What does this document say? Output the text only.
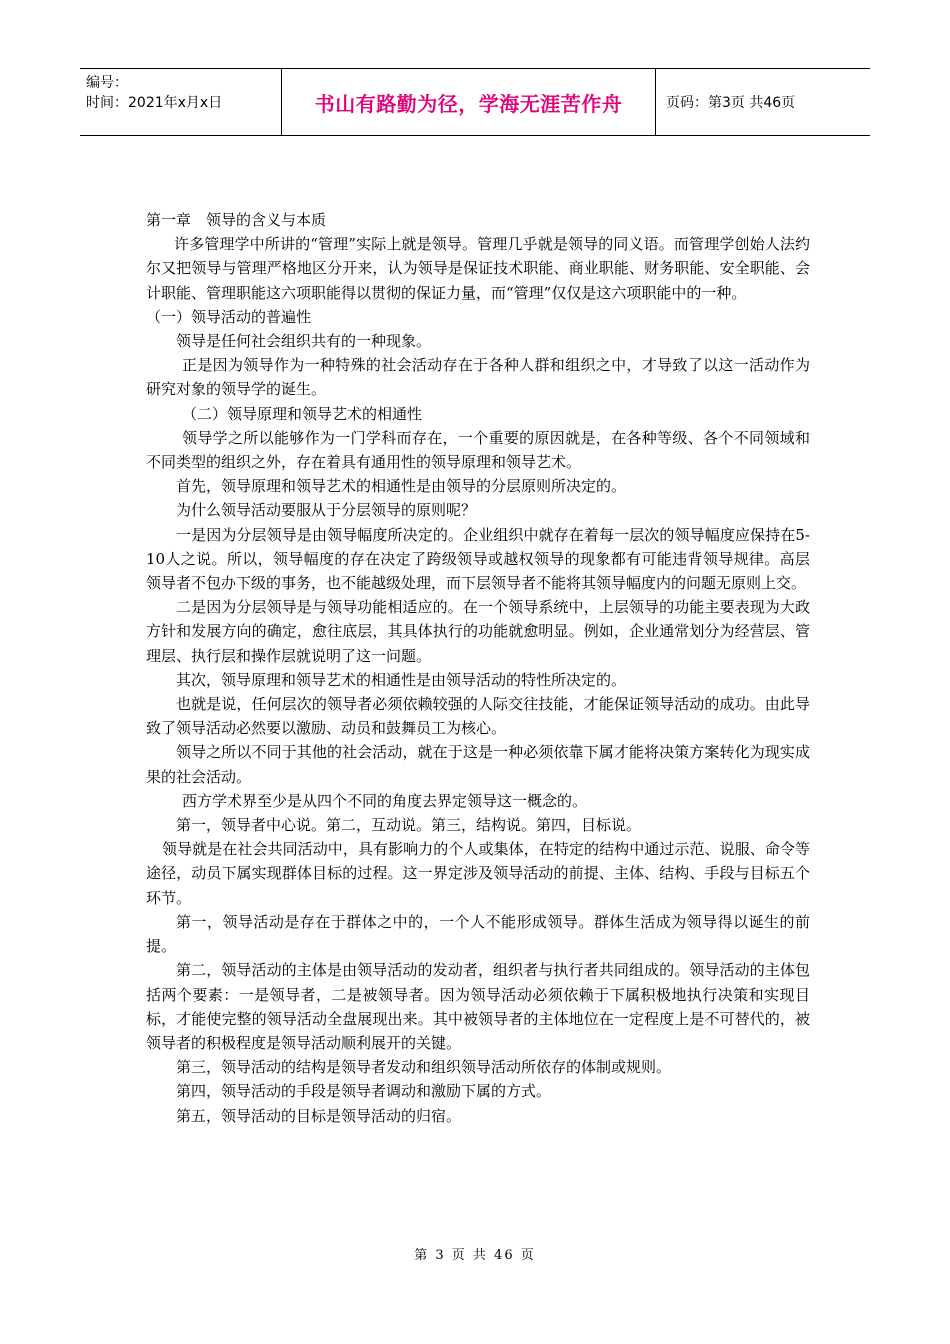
编号：
时间：2021年x月x日	书山有路勤为径，学海无涯苦作舟	页码：第3页 共46页

第一章　领导的含义与本质

许多管理学中所讲的“管理”实际上就是领导。管理几乎就是领导的同义语。而管理学创始人法约尔又把领导与管理严格地区分开来，认为领导是保证技术职能、商业职能、财务职能、安全职能、会计职能、管理职能这六项职能得以贯彻的保证力量，而“管理”仅仅是这六项职能中的一种。

（一）领导活动的普遍性

领导是任何社会组织共有的一种现象。

正是因为领导作为一种特殊的社会活动存在于各种人群和组织之中，才导致了以这一活动作为研究对象的领导学的诞生。

（二）领导原理和领导艺术的相通性

领导学之所以能够作为一门学科而存在，一个重要的原因就是，在各种等级、各个不同领域和不同类型的组织之外，存在着具有通用性的领导原理和领导艺术。

首先，领导原理和领导艺术的相通性是由领导的分层原则所决定的。

为什么领导活动要服从于分层领导的原则呢？

一是因为分层领导是由领导幅度所决定的。企业组织中就存在着每一层次的领导幅度应保持在5-10人之说。所以，领导幅度的存在决定了跨级领导或越权领导的现象都有可能违背领导规律。高层领导者不包办下级的事务，也不能越级处理，而下层领导者不能将其领导幅度内的问题无原则上交。

二是因为分层领导是与领导功能相适应的。在一个领导系统中，上层领导的功能主要表现为大政方针和发展方向的确定，愈往底层，其具体执行的功能就愈明显。例如，企业通常划分为经营层、管理层、执行层和操作层就说明了这一问题。

其次，领导原理和领导艺术的相通性是由领导活动的特性所决定的。

也就是说，任何层次的领导者必须依赖较强的人际交往技能，才能保证领导活动的成功。由此导致了领导活动必然要以激励、动员和鼓舞员工为核心。

领导之所以不同于其他的社会活动，就在于这是一种必须依靠下属才能将决策方案转化为现实成果的社会活动。

西方学术界至少是从四个不同的角度去界定领导这一概念的。

第一，领导者中心说。第二，互动说。第三，结构说。第四，目标说。

领导就是在社会共同活动中，具有影响力的个人或集体，在特定的结构中通过示范、说服、命令等途径，动员下属实现群体目标的过程。这一界定涉及领导活动的前提、主体、结构、手段与目标五个环节。

第一，领导活动是存在于群体之中的，一个人不能形成领导。群体生活成为领导得以诞生的前提。

第二，领导活动的主体是由领导活动的发动者，组织者与执行者共同组成的。领导活动的主体包括两个要素：一是领导者，二是被领导者。因为领导活动必须依赖于下属积极地执行决策和实现目标，才能使完整的领导活动全盘展现出来。其中被领导者的主体地位在一定程度上是不可替代的，被领导者的积极程度是领导活动顺利展开的关键。

第三，领导活动的结构是领导者发动和组织领导活动所依存的体制或规则。

第四，领导活动的手段是领导者调动和激励下属的方式。

第五，领导活动的目标是领导活动的归宿。

第 3 页 共 46 页
